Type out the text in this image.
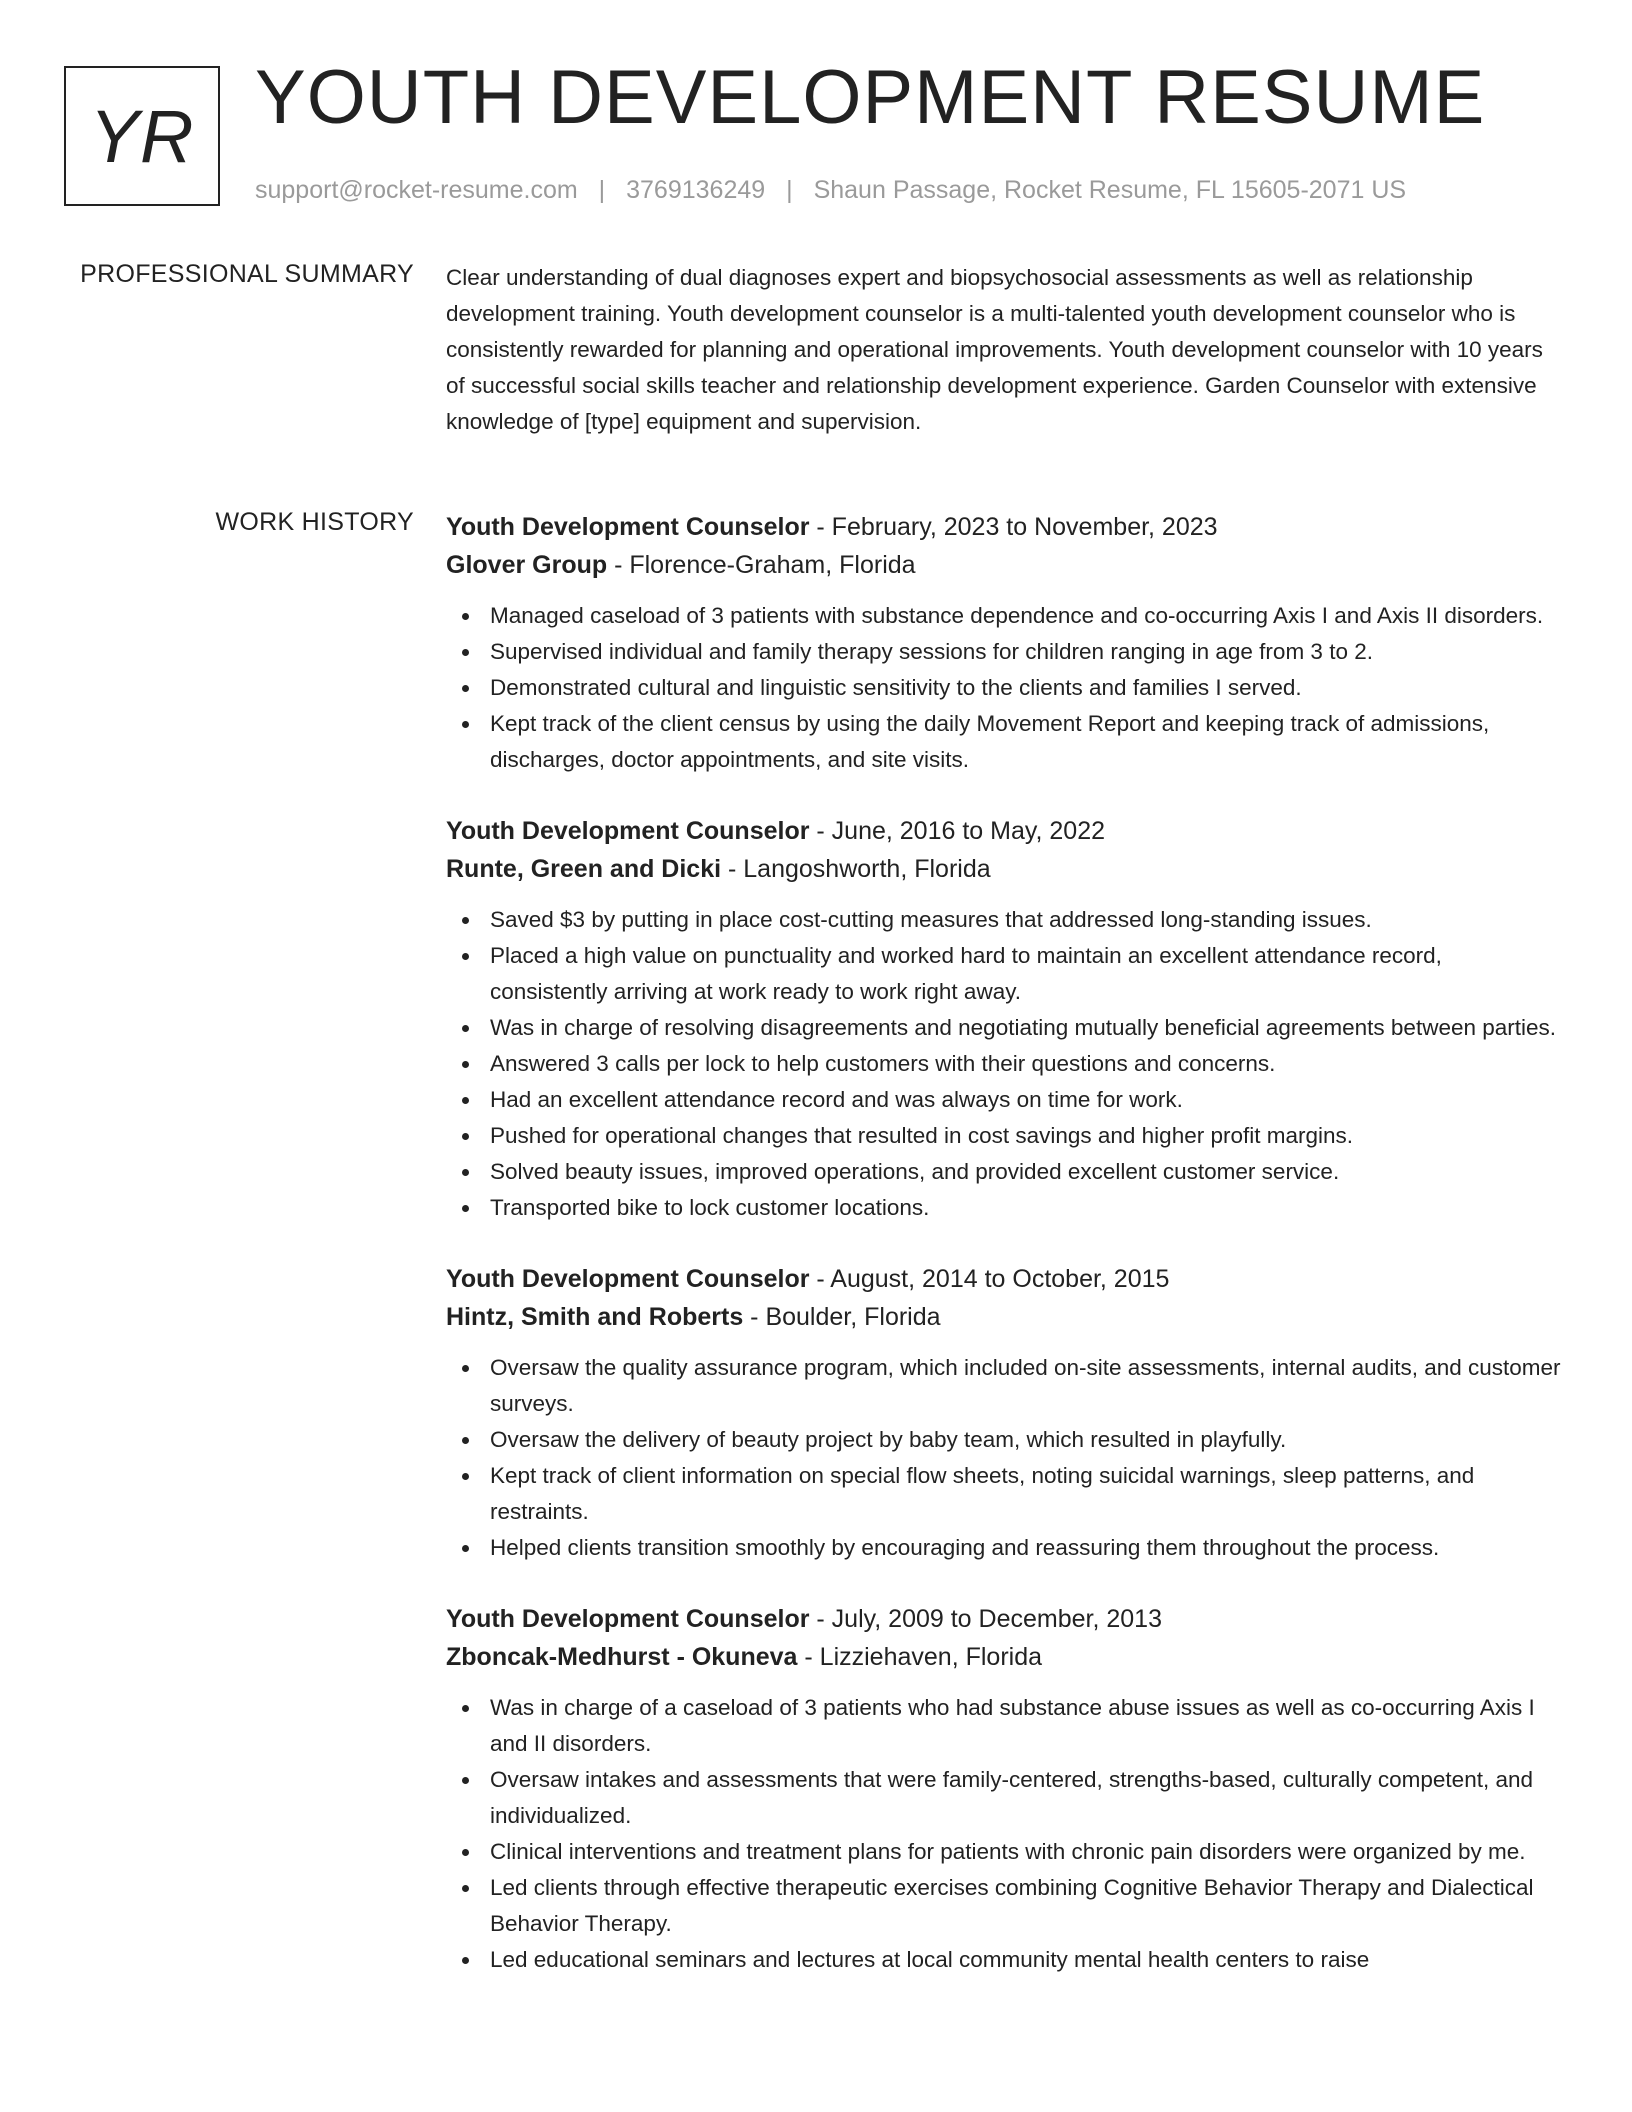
YR YOUTH DEVELOPMENT RESUME
support@rocket-resume.com | 3769136249 | Shaun Passage, Rocket Resume, FL 15605-2071 US
PROFESSIONAL SUMMARY Clear understanding of dual diagnoses expert and biopsychosocial assessments as well as relationship development training. Youth development counselor is a multi-talented youth development counselor who is consistently rewarded for planning and operational improvements. Youth development counselor with 10 years of successful social skills teacher and relationship development experience. Garden Counselor with extensive knowledge of [type] equipment and supervision.

WORK HISTORY Youth Development Counselor - February, 2023 to November, 2023
Glover Group - Florence-Graham, Florida
Managed caseload of 3 patients with substance dependence and co-occurring Axis I and Axis II disorders.
Supervised individual and family therapy sessions for children ranging in age from 3 to 2.
Demonstrated cultural and linguistic sensitivity to the clients and families I served.
Kept track of the client census by using the daily Movement Report and keeping track of admissions, discharges, doctor appointments, and site visits.
Youth Development Counselor - June, 2016 to May, 2022
Runte, Green and Dicki - Langoshworth, Florida
Saved $3 by putting in place cost-cutting measures that addressed long-standing issues.
Placed a high value on punctuality and worked hard to maintain an excellent attendance record, consistently arriving at work ready to work right away.
Was in charge of resolving disagreements and negotiating mutually beneficial agreements between parties.
Answered 3 calls per lock to help customers with their questions and concerns.
Had an excellent attendance record and was always on time for work.
Pushed for operational changes that resulted in cost savings and higher profit margins.
Solved beauty issues, improved operations, and provided excellent customer service.
Transported bike to lock customer locations.
Youth Development Counselor - August, 2014 to October, 2015
Hintz, Smith and Roberts - Boulder, Florida
Oversaw the quality assurance program, which included on-site assessments, internal audits, and customer surveys.
Oversaw the delivery of beauty project by baby team, which resulted in playfully.
Kept track of client information on special flow sheets, noting suicidal warnings, sleep patterns, and restraints.
Helped clients transition smoothly by encouraging and reassuring them throughout the process.
Youth Development Counselor - July, 2009 to December, 2013
Zboncak-Medhurst - Okuneva - Lizziehaven, Florida
Was in charge of a caseload of 3 patients who had substance abuse issues as well as co-occurring Axis I and II disorders.
Oversaw intakes and assessments that were family-centered, strengths-based, culturally competent, and individualized.
Clinical interventions and treatment plans for patients with chronic pain disorders were organized by me.
Led clients through effective therapeutic exercises combining Cognitive Behavior Therapy and Dialectical Behavior Therapy.
Led educational seminars and lectures at local community mental health centers to raise
